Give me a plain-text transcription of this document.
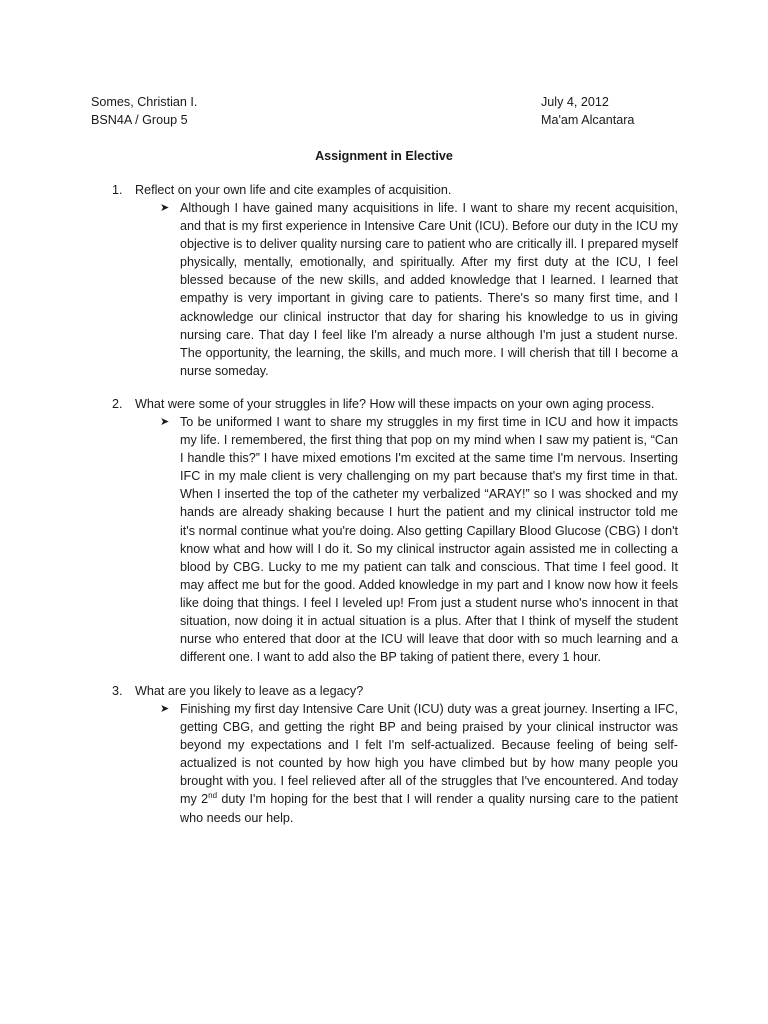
Somes, Christian I.
BSN4A / Group 5
July 4, 2012
Ma'am Alcantara
Assignment in Elective
1. Reflect on your own life and cite examples of acquisition.
➤ Although I have gained many acquisitions in life. I want to share my recent acquisition, and that is my first experience in Intensive Care Unit (ICU). Before our duty in the ICU my objective is to deliver quality nursing care to patient who are critically ill. I prepared myself physically, mentally, emotionally, and spiritually. After my first duty at the ICU, I feel blessed because of the new skills, and added knowledge that I learned. I learned that empathy is very important in giving care to patients. There's so many first time, and I acknowledge our clinical instructor that day for sharing his knowledge to us in giving nursing care. That day I feel like I'm already a nurse although I'm just a student nurse. The opportunity, the learning, the skills, and much more. I will cherish that till I become a nurse someday.
2. What were some of your struggles in life? How will these impacts on your own aging process.
➤ To be uniformed I want to share my struggles in my first time in ICU and how it impacts my life. I remembered, the first thing that pop on my mind when I saw my patient is, “Can I handle this?” I have mixed emotions I'm excited at the same time I'm nervous. Inserting IFC in my male client is very challenging on my part because that's my first time in that. When I inserted the top of the catheter my verbalized “ARAY!” so I was shocked and my hands are already shaking because I hurt the patient and my clinical instructor told me it's normal continue what you're doing. Also getting Capillary Blood Glucose (CBG) I don't know what and how will I do it. So my clinical instructor again assisted me in collecting a blood by CBG. Lucky to me my patient can talk and conscious. That time I feel good. It may affect me but for the good. Added knowledge in my part and I know now how it feels like doing that things. I feel I leveled up! From just a student nurse who's innocent in that situation, now doing it in actual situation is a plus. After that I think of myself the student nurse who entered that door at the ICU will leave that door with so much learning and a different one. I want to add also the BP taking of patient there, every 1 hour.
3. What are you likely to leave as a legacy?
➤ Finishing my first day Intensive Care Unit (ICU) duty was a great journey. Inserting a IFC, getting CBG, and getting the right BP and being praised by your clinical instructor was beyond my expectations and I felt I'm self-actualized. Because feeling of being self-actualized is not counted by how high you have climbed but by how many people you brought with you. I feel relieved after all of the struggles that I've encountered. And today my 2nd duty I'm hoping for the best that I will render a quality nursing care to the patient who needs our help.
